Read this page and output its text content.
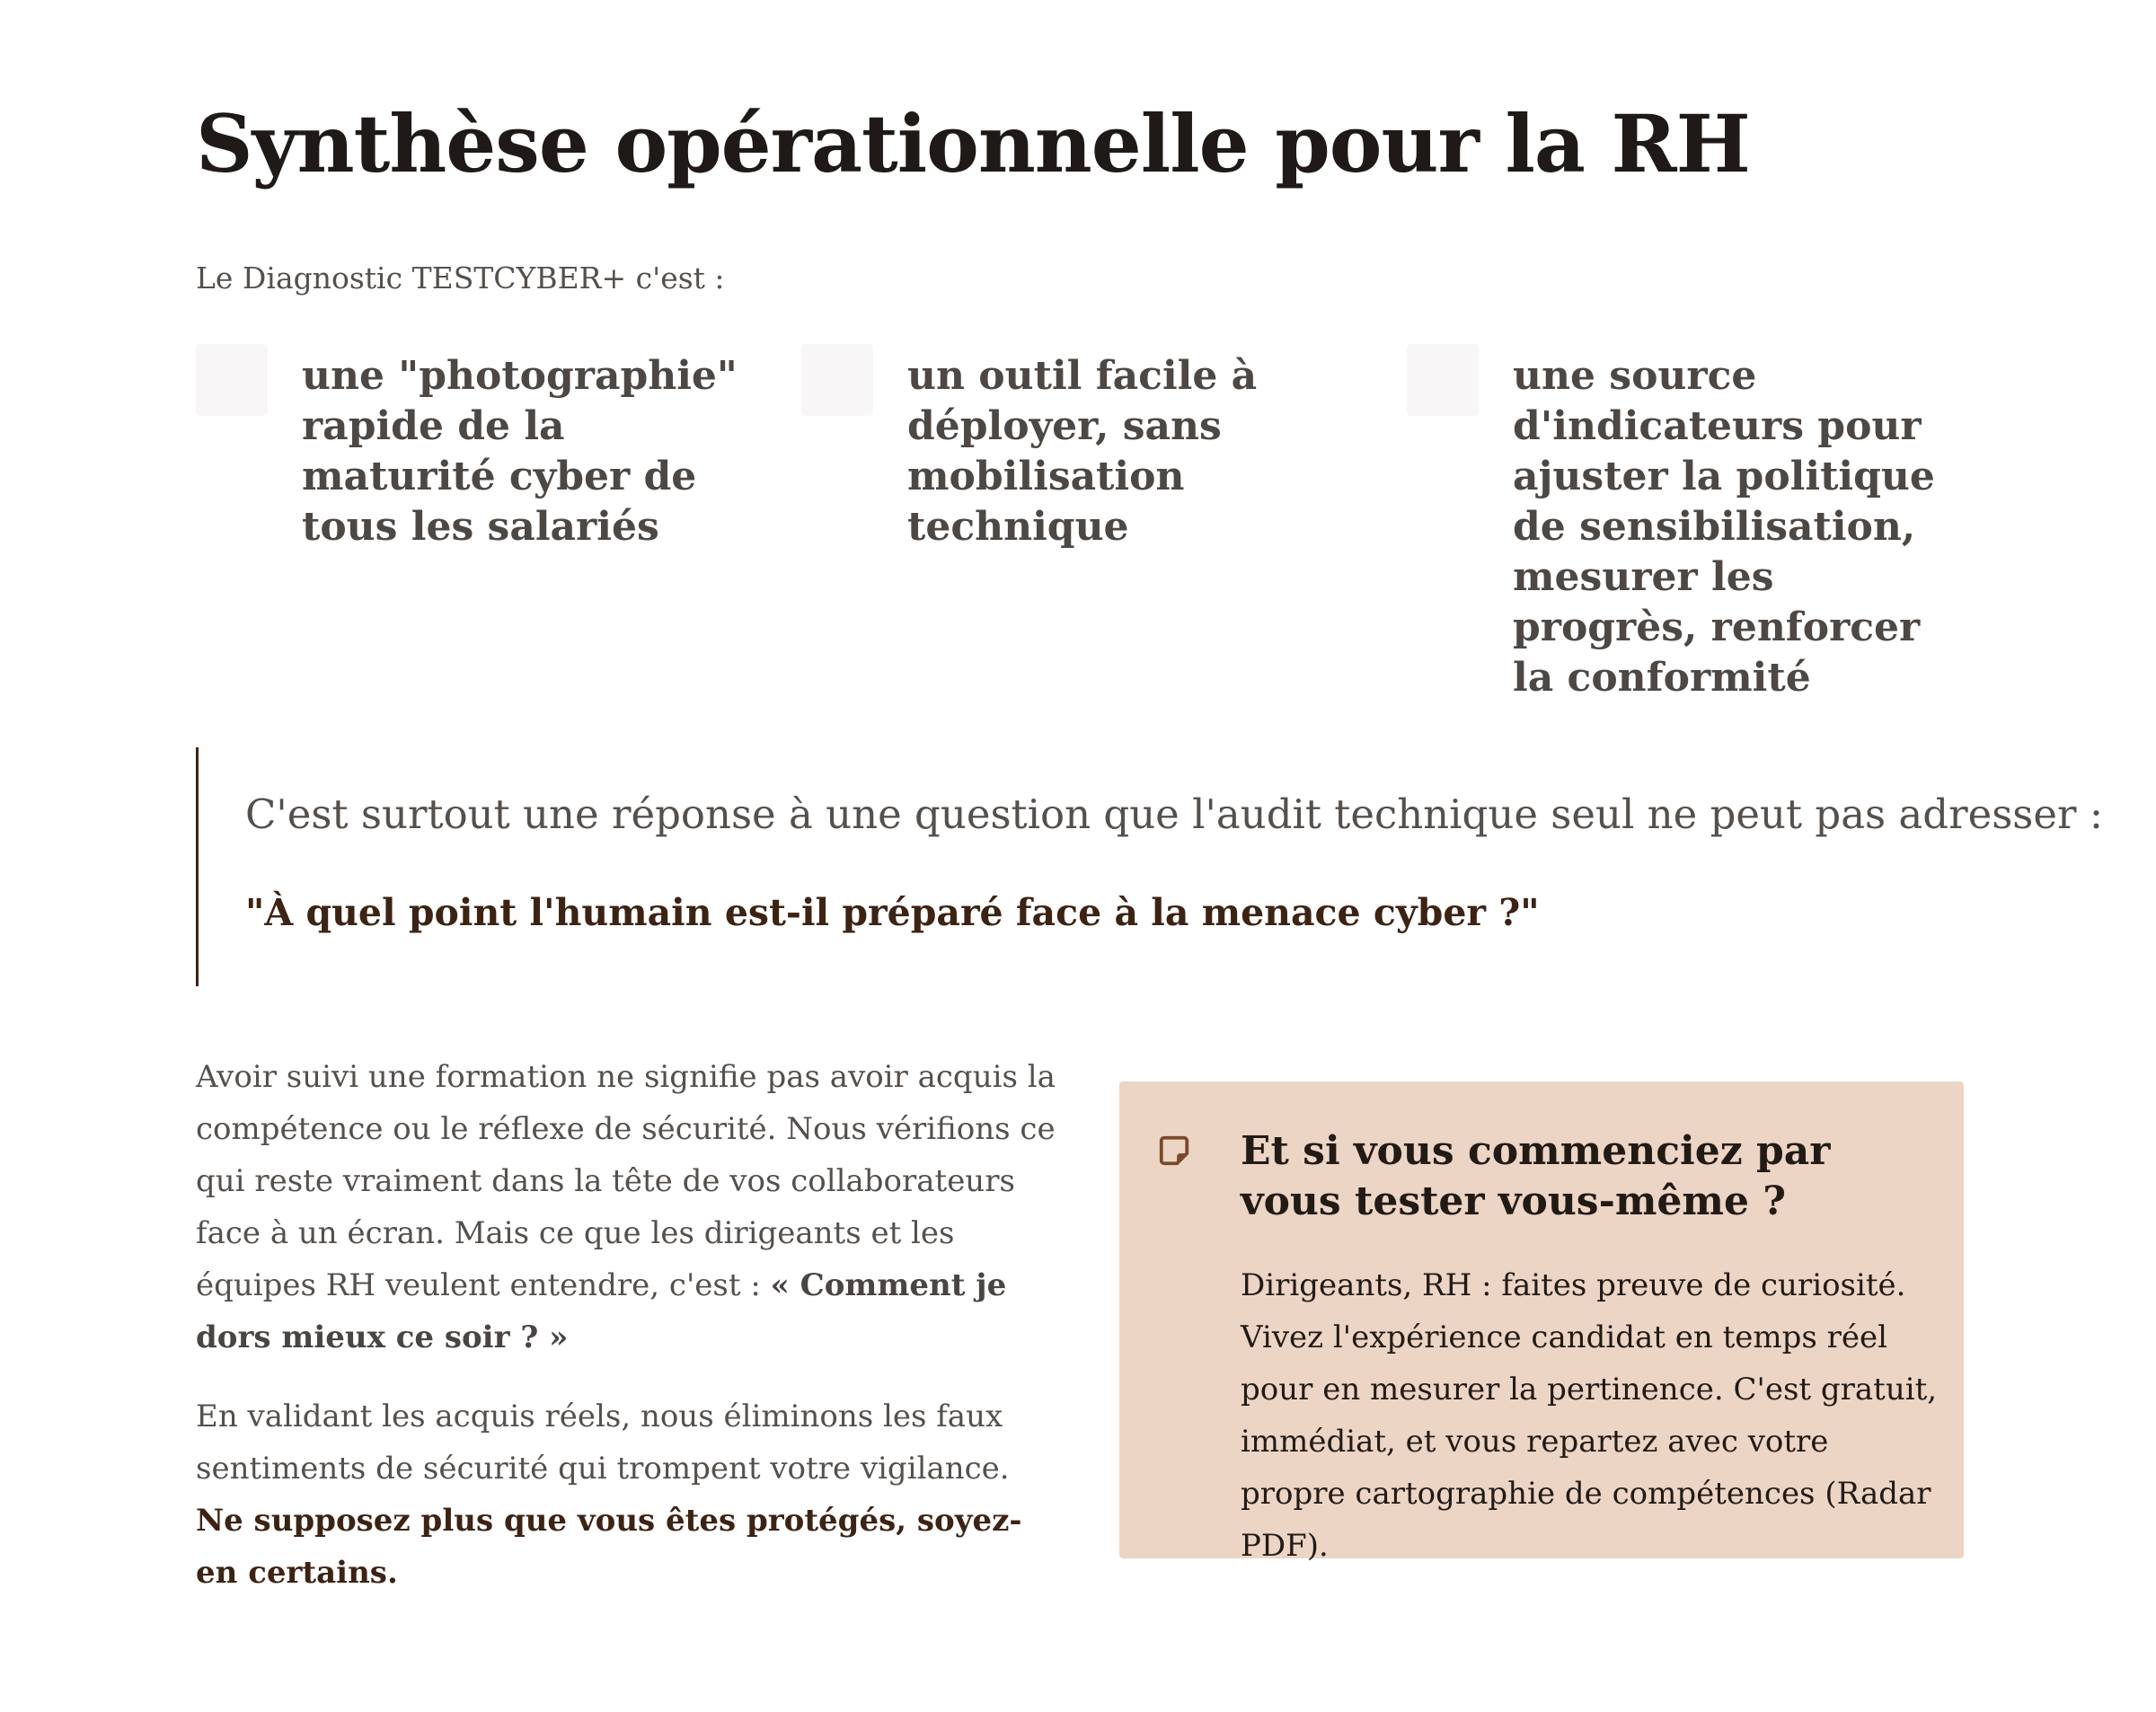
Synthèse opérationnelle pour la RH

Le Diagnostic TESTCYBER+ c'est :

une "photographie" rapide de la maturité cyber de tous les salariés

un outil facile à déployer, sans mobilisation technique

une source d'indicateurs pour ajuster la politique de sensibilisation, mesurer les progrès, renforcer la conformité

C'est surtout une réponse à une question que l'audit technique seul ne peut pas adresser :

"À quel point l'humain est-il préparé face à la menace cyber ?"

Avoir suivi une formation ne signifie pas avoir acquis la compétence ou le réflexe de sécurité. Nous vérifions ce qui reste vraiment dans la tête de vos collaborateurs face à un écran. Mais ce que les dirigeants et les équipes RH veulent entendre, c'est : « Comment je dors mieux ce soir ? »

En validant les acquis réels, nous éliminons les faux sentiments de sécurité qui trompent votre vigilance. Ne supposez plus que vous êtes protégés, soyez-en certains.

Et si vous commenciez par vous tester vous-même ?

Dirigeants, RH : faites preuve de curiosité. Vivez l'expérience candidat en temps réel pour en mesurer la pertinence. C'est gratuit, immédiat, et vous repartez avec votre propre cartographie de compétences (Radar PDF).
